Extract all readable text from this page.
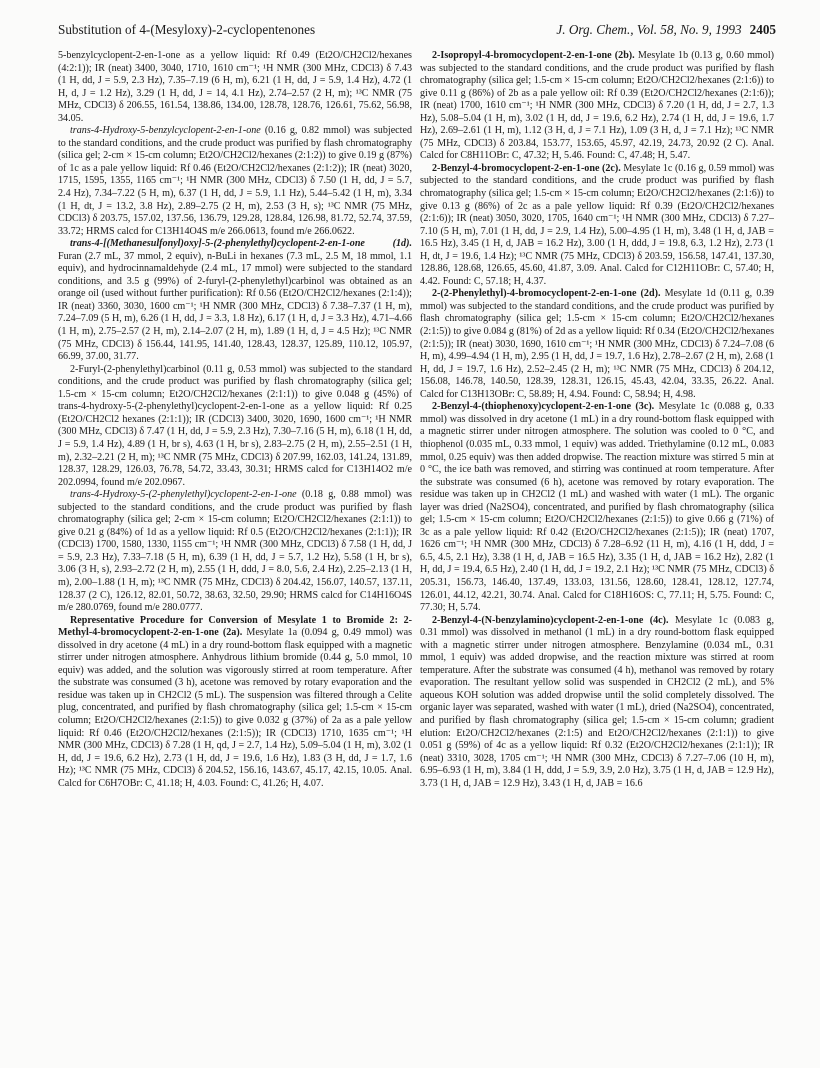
Substitution of 4-(Mesyloxy)-2-cyclopentenones	J. Org. Chem., Vol. 58, No. 9, 1993 2405

5-benzylcyclopent-2-en-1-one as a yellow liquid: Rf 0.49 (Et2O/CH2Cl2/hexanes (4:2:1)); IR (neat) 3400, 3040, 1710, 1610 cm⁻¹; ¹H NMR (300 MHz, CDCl3) δ 7.43 (1 H, dd, J = 5.9, 2.3 Hz), 7.35–7.19 (6 H, m), 6.21 (1 H, dd, J = 5.9, 1.4 Hz), 4.72 (1 H, d, J = 1.2 Hz), 3.29 (1 H, dd, J = 14, 4.1 Hz), 2.74–2.57 (2 H, m); ¹³C NMR (75 MHz, CDCl3) δ 206.55, 161.54, 138.86, 134.00, 128.78, 128.76, 126.61, 75.62, 56.98, 34.05.

trans-4-Hydroxy-5-benzylcyclopent-2-en-1-one (0.16 g, 0.82 mmol) was subjected to the standard conditions, and the crude product was purified by flash chromatography (silica gel; 2-cm × 15-cm column; Et2O/CH2Cl2/hexanes (2:1:2)) to give 0.19 g (87%) of 1c as a pale yellow liquid: Rf 0.46 (Et2O/CH2Cl2/hexanes (2:1:2)); IR (neat) 3020, 1715, 1595, 1355, 1165 cm⁻¹; ¹H NMR (300 MHz, CDCl3) δ 7.50 (1 H, dd, J = 5.7, 2.4 Hz), 7.34–7.22 (5 H, m), 6.37 (1 H, dd, J = 5.9, 1.1 Hz), 5.44–5.42 (1 H, m), 3.34 (1 H, dt, J = 13.2, 3.8 Hz), 2.89–2.75 (2 H, m), 2.53 (3 H, s); ¹³C NMR (75 MHz, CDCl3) δ 203.75, 157.02, 137.56, 136.79, 129.28, 128.84, 126.98, 81.72, 52.74, 37.59, 33.72; HRMS calcd for C13H14O4S m/e 266.0613, found m/e 266.0622.

trans-4-[(Methanesulfonyl)oxy]-5-(2-phenylethyl)cyclopent-2-en-1-one (1d). Furan (2.7 mL, 37 mmol, 2 equiv), n-BuLi in hexanes (7.3 mL, 2.5 M, 18 mmol, 1.1 equiv), and hydrocinnamaldehyde (2.4 mL, 17 mmol) were subjected to the standard conditions, and 3.5 g (99%) of 2-furyl-(2-phenylethyl)carbinol was obtained as an orange oil (used without further purification): Rf 0.56 (Et2O/CH2Cl2/hexanes (2:1:4)); IR (neat) 3360, 3030, 1600 cm⁻¹; ¹H NMR (300 MHz, CDCl3) δ 7.38–7.37 (1 H, m), 7.24–7.09 (5 H, m), 6.26 (1 H, dd, J = 3.3, 1.8 Hz), 6.17 (1 H, d, J = 3.3 Hz), 4.71–4.66 (1 H, m), 2.75–2.57 (2 H, m), 2.14–2.07 (2 H, m), 1.89 (1 H, d, J = 4.5 Hz); ¹³C NMR (75 MHz, CDCl3) δ 156.44, 141.95, 141.40, 128.43, 128.37, 125.89, 110.12, 105.97, 66.99, 37.00, 31.77.

2-Furyl-(2-phenylethyl)carbinol (0.11 g, 0.53 mmol) was subjected to the standard conditions, and the crude product was purified by flash chromatography (silica gel; 1.5-cm × 15-cm column; Et2O/CH2Cl2/hexanes (2:1:1)) to give 0.048 g (45%) of trans-4-hydroxy-5-(2-phenylethyl)cyclopent-2-en-1-one as a yellow liquid: Rf 0.25 (Et2O/CH2Cl2 hexanes (2:1:1)); IR (CDCl3) 3400, 3020, 1690, 1600 cm⁻¹; ¹H NMR (300 MHz, CDCl3) δ 7.47 (1 H, dd, J = 5.9, 2.3 Hz), 7.30–7.16 (5 H, m), 6.18 (1 H, dd, J = 5.9, 1.4 Hz), 4.89 (1 H, br s), 4.63 (1 H, br s), 2.83–2.75 (2 H, m), 2.55–2.51 (1 H, m), 2.32–2.21 (2 H, m); ¹³C NMR (75 MHz, CDCl3) δ 207.99, 162.03, 141.24, 131.89, 128.37, 128.29, 126.03, 76.78, 54.72, 33.43, 30.31; HRMS calcd for C13H14O2 m/e 202.0994, found m/e 202.0967.

trans-4-Hydroxy-5-(2-phenylethyl)cyclopent-2-en-1-one (0.18 g, 0.88 mmol) was subjected to the standard conditions, and the crude product was purified by flash chromatography (silica gel; 2-cm × 15-cm column; Et2O/CH2Cl2/hexanes (2:1:1)) to give 0.21 g (84%) of 1d as a yellow liquid: Rf 0.5 (Et2O/CH2Cl2/hexanes (2:1:1)); IR (CDCl3) 1700, 1580, 1330, 1155 cm⁻¹; ¹H NMR (300 MHz, CDCl3) δ 7.58 (1 H, dd, J = 5.9, 2.3 Hz), 7.33–7.18 (5 H, m), 6.39 (1 H, dd, J = 5.7, 1.2 Hz), 5.58 (1 H, br s), 3.06 (3 H, s), 2.93–2.72 (2 H, m), 2.55 (1 H, ddd, J = 8.0, 5.6, 2.4 Hz), 2.25–2.13 (1 H, m), 2.00–1.88 (1 H, m); ¹³C NMR (75 MHz, CDCl3) δ 204.42, 156.07, 140.57, 137.11, 128.37 (2 C), 126.12, 82.01, 50.72, 38.63, 32.50, 29.90; HRMS calcd for C14H16O4S m/e 280.0769, found m/e 280.0777.

Representative Procedure for Conversion of Mesylate 1 to Bromide 2: 2-Methyl-4-bromocyclopent-2-en-1-one (2a). Mesylate 1a (0.094 g, 0.49 mmol) was dissolved in dry acetone (4 mL) in a dry round-bottom flask equipped with a magnetic stirrer under nitrogen atmosphere. Anhydrous lithium bromide (0.44 g, 5.0 mmol, 10 equiv) was added, and the solution was vigorously stirred at room temperature. After the substrate was consumed (3 h), acetone was removed by rotary evaporation and the residue was taken up in CH2Cl2 (5 mL). The suspension was filtered through a Celite plug, concentrated, and purified by flash chromatography (silica gel; 1.5-cm × 15-cm column; Et2O/CH2Cl2/hexanes (2:1:5)) to give 0.032 g (37%) of 2a as a pale yellow liquid: Rf 0.46 (Et2O/CH2Cl2/hexanes (2:1:5)); IR (CDCl3) 1710, 1635 cm⁻¹; ¹H NMR (300 MHz, CDCl3) δ 7.28 (1 H, qd, J = 2.7, 1.4 Hz), 5.09–5.04 (1 H, m), 3.02 (1 H, dd, J = 19.6, 6.2 Hz), 2.73 (1 H, dd, J = 19.6, 1.6 Hz), 1.83 (3 H, dd, J = 1.7, 1.6 Hz); ¹³C NMR (75 MHz, CDCl3) δ 204.52, 156.16, 143.67, 45.17, 42.15, 10.05. Anal. Calcd for C6H7OBr: C, 41.18; H, 4.03. Found: C, 41.26; H, 4.07.

2-Isopropyl-4-bromocyclopent-2-en-1-one (2b). Mesylate 1b (0.13 g, 0.60 mmol) was subjected to the standard conditions, and the crude product was purified by flash chromatography (silica gel; 1.5-cm × 15-cm column; Et2O/CH2Cl2/hexanes (2:1:6)) to give 0.11 g (86%) of 2b as a pale yellow oil: Rf 0.39 (Et2O/CH2Cl2/hexanes (2:1:6)); IR (neat) 1700, 1610 cm⁻¹; ¹H NMR (300 MHz, CDCl3) δ 7.20 (1 H, dd, J = 2.7, 1.3 Hz), 5.08–5.04 (1 H, m), 3.02 (1 H, dd, J = 19.6, 6.2 Hz), 2.74 (1 H, dd, J = 19.6, 1.7 Hz), 2.69–2.61 (1 H, m), 1.12 (3 H, d, J = 7.1 Hz), 1.09 (3 H, d, J = 7.1 Hz); ¹³C NMR (75 MHz, CDCl3) δ 203.84, 153.77, 153.65, 45.97, 42.19, 24.73, 20.92 (2 C). Anal. Calcd for C8H11OBr: C, 47.32; H, 5.46. Found: C, 47.48; H, 5.47.

2-Benzyl-4-bromocyclopent-2-en-1-one (2c). Mesylate 1c (0.16 g, 0.59 mmol) was subjected to the standard conditions, and the crude product was purified by flash chromatography (silica gel; 1.5-cm × 15-cm column; Et2O/CH2Cl2/hexanes (2:1:6)) to give 0.13 g (86%) of 2c as a pale yellow liquid: Rf 0.39 (Et2O/CH2Cl2/hexanes (2:1:6)); IR (neat) 3050, 3020, 1705, 1640 cm⁻¹; ¹H NMR (300 MHz, CDCl3) δ 7.27–7.10 (5 H, m), 7.01 (1 H, dd, J = 2.9, 1.4 Hz), 5.00–4.95 (1 H, m), 3.48 (1 H, d, JAB = 16.5 Hz), 3.45 (1 H, d, JAB = 16.2 Hz), 3.00 (1 H, ddd, J = 19.8, 6.3, 1.2 Hz), 2.73 (1 H, dt, J = 19.6, 1.4 Hz); ¹³C NMR (75 MHz, CDCl3) δ 203.59, 156.58, 147.41, 137.30, 128.86, 128.68, 126.65, 45.60, 41.87, 3.09. Anal. Calcd for C12H11OBr: C, 57.40; H, 4.42. Found: C, 57.18; H, 4.37.

2-(2-Phenylethyl)-4-bromocyclopent-2-en-1-one (2d). Mesylate 1d (0.11 g, 0.39 mmol) was subjected to the standard conditions, and the crude product was purified by flash chromatography (silica gel; 1.5-cm × 15-cm column; Et2O/CH2Cl2/hexanes (2:1:5)) to give 0.084 g (81%) of 2d as a yellow liquid: Rf 0.34 (Et2O/CH2Cl2/hexanes (2:1:5)); IR (neat) 3030, 1690, 1610 cm⁻¹; ¹H NMR (300 MHz, CDCl3) δ 7.24–7.08 (6 H, m), 4.99–4.94 (1 H, m), 2.95 (1 H, dd, J = 19.7, 1.6 Hz), 2.78–2.67 (2 H, m), 2.68 (1 H, dd, J = 19.7, 1.6 Hz), 2.52–2.45 (2 H, m); ¹³C NMR (75 MHz, CDCl3) δ 204.12, 156.08, 146.78, 140.50, 128.39, 128.31, 126.15, 45.43, 42.04, 33.35, 26.22. Anal. Calcd for C13H13OBr: C, 58.89; H, 4.94. Found: C, 58.94; H, 4.98.

2-Benzyl-4-(thiophenoxy)cyclopent-2-en-1-one (3c). Mesylate 1c (0.088 g, 0.33 mmol) was dissolved in dry acetone (1 mL) in a dry round-bottom flask equipped with a magnetic stirrer under nitrogen atmosphere. The solution was cooled to 0 °C, and thiophenol (0.035 mL, 0.33 mmol, 1 equiv) was added. Triethylamine (0.12 mL, 0.083 mmol, 0.25 equiv) was then added dropwise. The reaction mixture was stirred 5 min at 0 °C, the ice bath was removed, and stirring was continued at room temperature. After the substrate was consumed (6 h), acetone was removed by rotary evaporation. The residue was taken up in CH2Cl2 (1 mL) and washed with water (1 mL). The organic layer was dried (Na2SO4), concentrated, and purified by flash chromatography (silica gel; 1.5-cm × 15-cm column; Et2O/CH2Cl2/hexanes (2:1:5)) to give 0.66 g (71%) of 3c as a pale yellow liquid: Rf 0.42 (Et2O/CH2Cl2/hexanes (2:1:5)); IR (neat) 1707, 1626 cm⁻¹; ¹H NMR (300 MHz, CDCl3) δ 7.28–6.92 (11 H, m), 4.16 (1 H, ddd, J = 6.5, 4.5, 2.1 Hz), 3.38 (1 H, d, JAB = 16.5 Hz), 3.35 (1 H, d, JAB = 16.2 Hz), 2.82 (1 H, dd, J = 19.4, 6.5 Hz), 2.40 (1 H, dd, J = 19.2, 2.1 Hz); ¹³C NMR (75 MHz, CDCl3) δ 205.31, 156.73, 146.40, 137.49, 133.03, 131.56, 128.60, 128.41, 128.12, 127.74, 126.01, 44.12, 42.21, 30.74. Anal. Calcd for C18H16OS: C, 77.11; H, 5.75. Found: C, 77.30; H, 5.74.

2-Benzyl-4-(N-benzylamino)cyclopent-2-en-1-one (4c). Mesylate 1c (0.083 g, 0.31 mmol) was dissolved in methanol (1 mL) in a dry round-bottom flask equipped with a magnetic stirrer under nitrogen atmosphere. Benzylamine (0.034 mL, 0.31 mmol, 1 equiv) was added dropwise, and the reaction mixture was stirred at room temperature. After the substrate was consumed (4 h), methanol was removed by rotary evaporation. The resultant yellow solid was suspended in CH2Cl2 (2 mL), and 5% aqueous KOH solution was added dropwise until the solid completely dissolved. The organic layer was separated, washed with water (1 mL), dried (Na2SO4), concentrated, and purified by flash chromatography (silica gel; 1.5-cm × 15-cm column; gradient elution: Et2O/CH2Cl2/hexanes (2:1:5) and Et2O/CH2Cl2/hexanes (2:1:1)) to give 0.051 g (59%) of 4c as a yellow liquid: Rf 0.32 (Et2O/CH2Cl2/hexanes (2:1:1)); IR (neat) 3310, 3028, 1705 cm⁻¹; ¹H NMR (300 MHz, CDCl3) δ 7.27–7.06 (10 H, m), 6.95–6.93 (1 H, m), 3.84 (1 H, ddd, J = 5.9, 3.9, 2.0 Hz), 3.75 (1 H, d, JAB = 12.9 Hz), 3.73 (1 H, d, JAB = 12.9 Hz), 3.43 (1 H, d, JAB = 16.6
